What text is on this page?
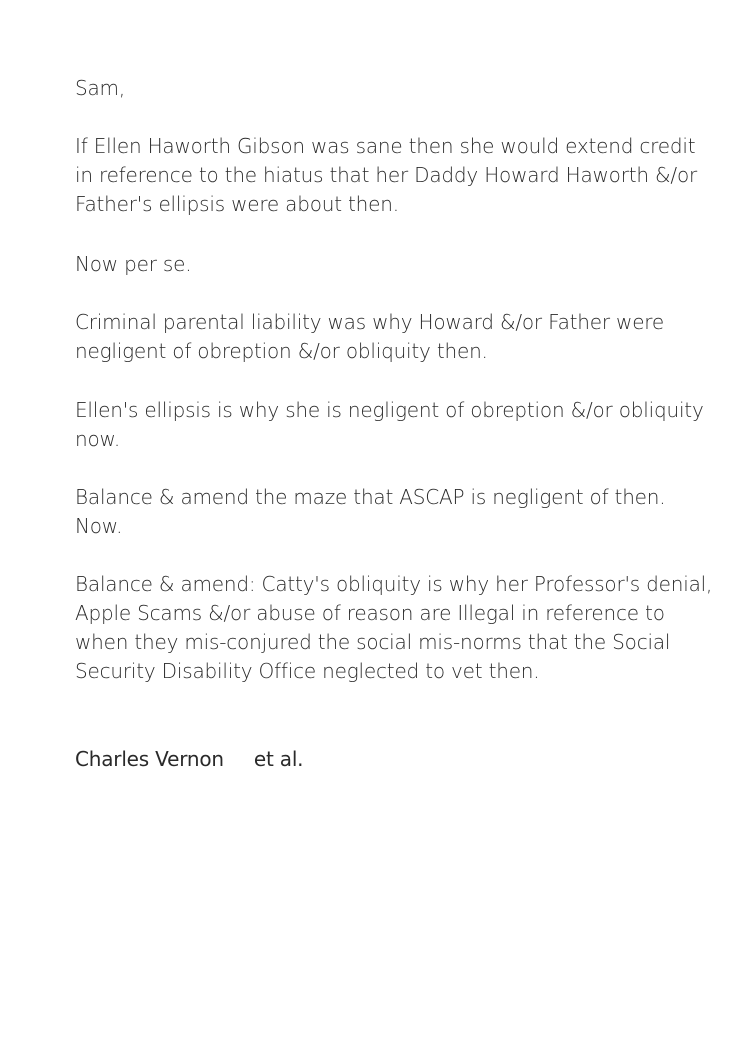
Sam,

If Ellen Haworth Gibson was sane then she would extend credit
in reference to the hiatus that her Daddy Howard Haworth &/or
Father's ellipsis were about then.

Now per se.

Criminal parental liability was why Howard &/or Father were
negligent of obreption &/or obliquity then.

Ellen's ellipsis is why she is negligent of obreption &/or obliquity
now.

Balance & amend the maze that ASCAP is negligent of then.
Now.

Balance & amend: Catty's obliquity is why her Professor's denial,
Apple Scams &/or abuse of reason are Illegal in reference to
when they mis-conjured the social mis-norms that the Social
Security Disability Office neglected to vet then.

Charles Vernon et al.
